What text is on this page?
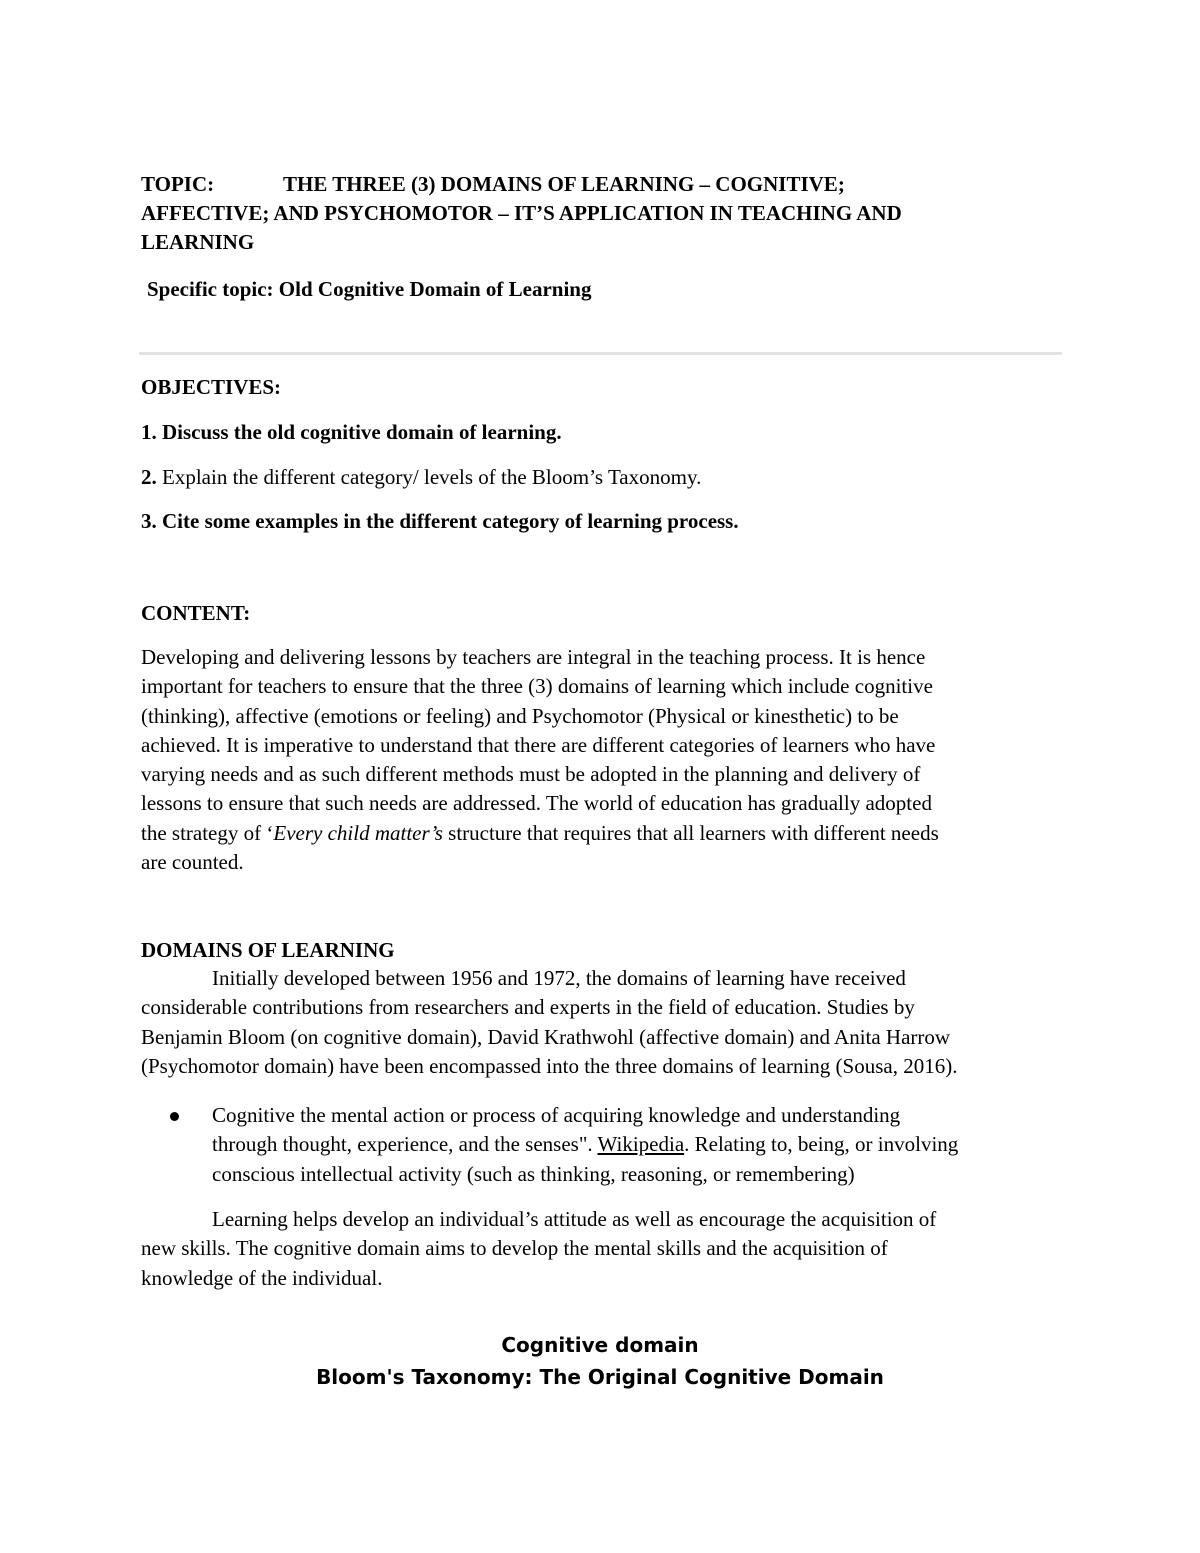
TOPIC:	THE THREE (3) DOMAINS OF LEARNING – COGNITIVE;
AFFECTIVE; AND PSYCHOMOTOR – IT’S APPLICATION IN TEACHING AND
LEARNING
Specific topic: Old Cognitive Domain of Learning
OBJECTIVES:
1. Discuss the old cognitive domain of learning.
2. Explain the different category/ levels of the Bloom’s Taxonomy.
3. Cite some examples in the different category of learning process.
CONTENT:
Developing and delivering lessons by teachers are integral in the teaching process. It is hence
important for teachers to ensure that the three (3) domains of learning which include cognitive
(thinking), affective (emotions or feeling) and Psychomotor (Physical or kinesthetic) to be
achieved. It is imperative to understand that there are different categories of learners who have
varying needs and as such different methods must be adopted in the planning and delivery of
lessons to ensure that such needs are addressed. The world of education has gradually adopted
the strategy of ‘Every child matter’s structure that requires that all learners with different needs
are counted.
DOMAINS OF LEARNING
Initially developed between 1956 and 1972, the domains of learning have received
considerable contributions from researchers and experts in the field of education. Studies by
Benjamin Bloom (on cognitive domain), David Krathwohl (affective domain) and Anita Harrow
(Psychomotor domain) have been encompassed into the three domains of learning (Sousa, 2016).
Cognitive the mental action or process of acquiring knowledge and understanding
through thought, experience, and the senses". Wikipedia. Relating to, being, or involving
conscious intellectual activity (such as thinking, reasoning, or remembering)
Learning helps develop an individual’s attitude as well as encourage the acquisition of
new skills. The cognitive domain aims to develop the mental skills and the acquisition of
knowledge of the individual.
Cognitive domain
Bloom's Taxonomy: The Original Cognitive Domain
